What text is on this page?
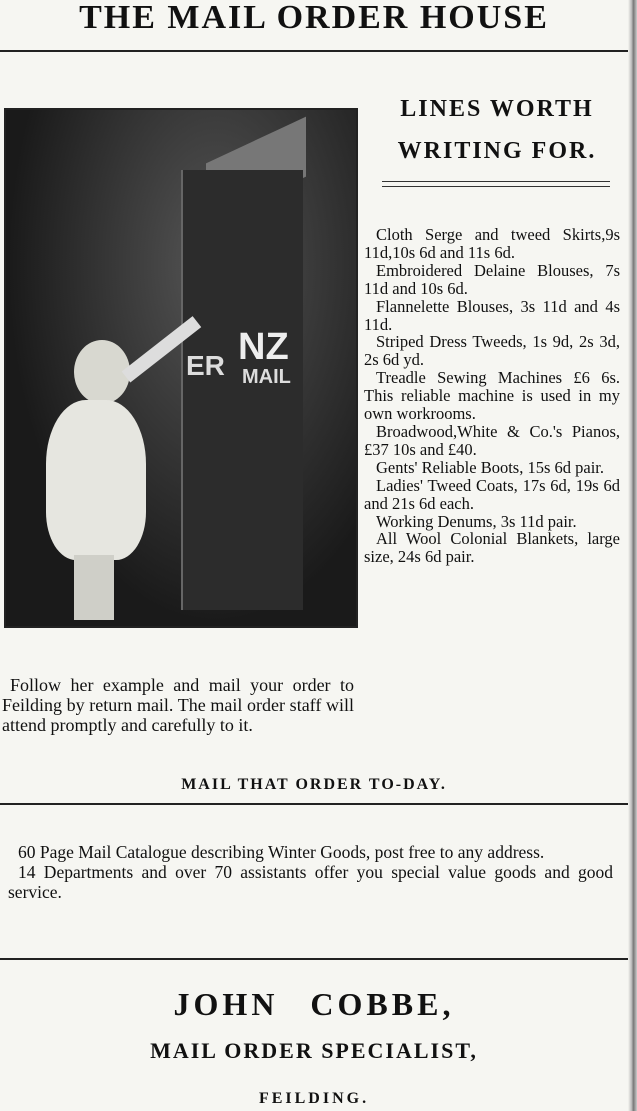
THE MAIL ORDER HOUSE
NZ
MAIL
ER
Follow her example and mail your order to Feilding by return mail. The mail order staff will attend promptly and carefully to it.
LINES WORTH
WRITING FOR.
Cloth Serge and tweed Skirts,9s 11d,10s 6d and 11s 6d.
Embroidered Delaine Blouses, 7s 11d and 10s 6d.
Flannelette Blouses, 3s 11d and 4s 11d.
Striped Dress Tweeds, 1s 9d, 2s 3d, 2s 6d yd.
Treadle Sewing Machines £6 6s. This reliable machine is used in my own workrooms.
Broadwood,White & Co.'s Pianos, £37 10s and £40.
Gents' Reliable Boots, 15s 6d pair.
Ladies' Tweed Coats, 17s 6d, 19s 6d and 21s 6d each.
Working Denums, 3s 11d pair.
All Wool Colonial Blankets, large size, 24s 6d pair.
MAIL THAT ORDER TO-DAY.
60 Page Mail Catalogue describing Winter Goods, post free to any address.
14 Departments and over 70 assistants offer you special value goods and good service.
JOHN COBBE,
MAIL ORDER SPECIALIST,
FEILDING.
